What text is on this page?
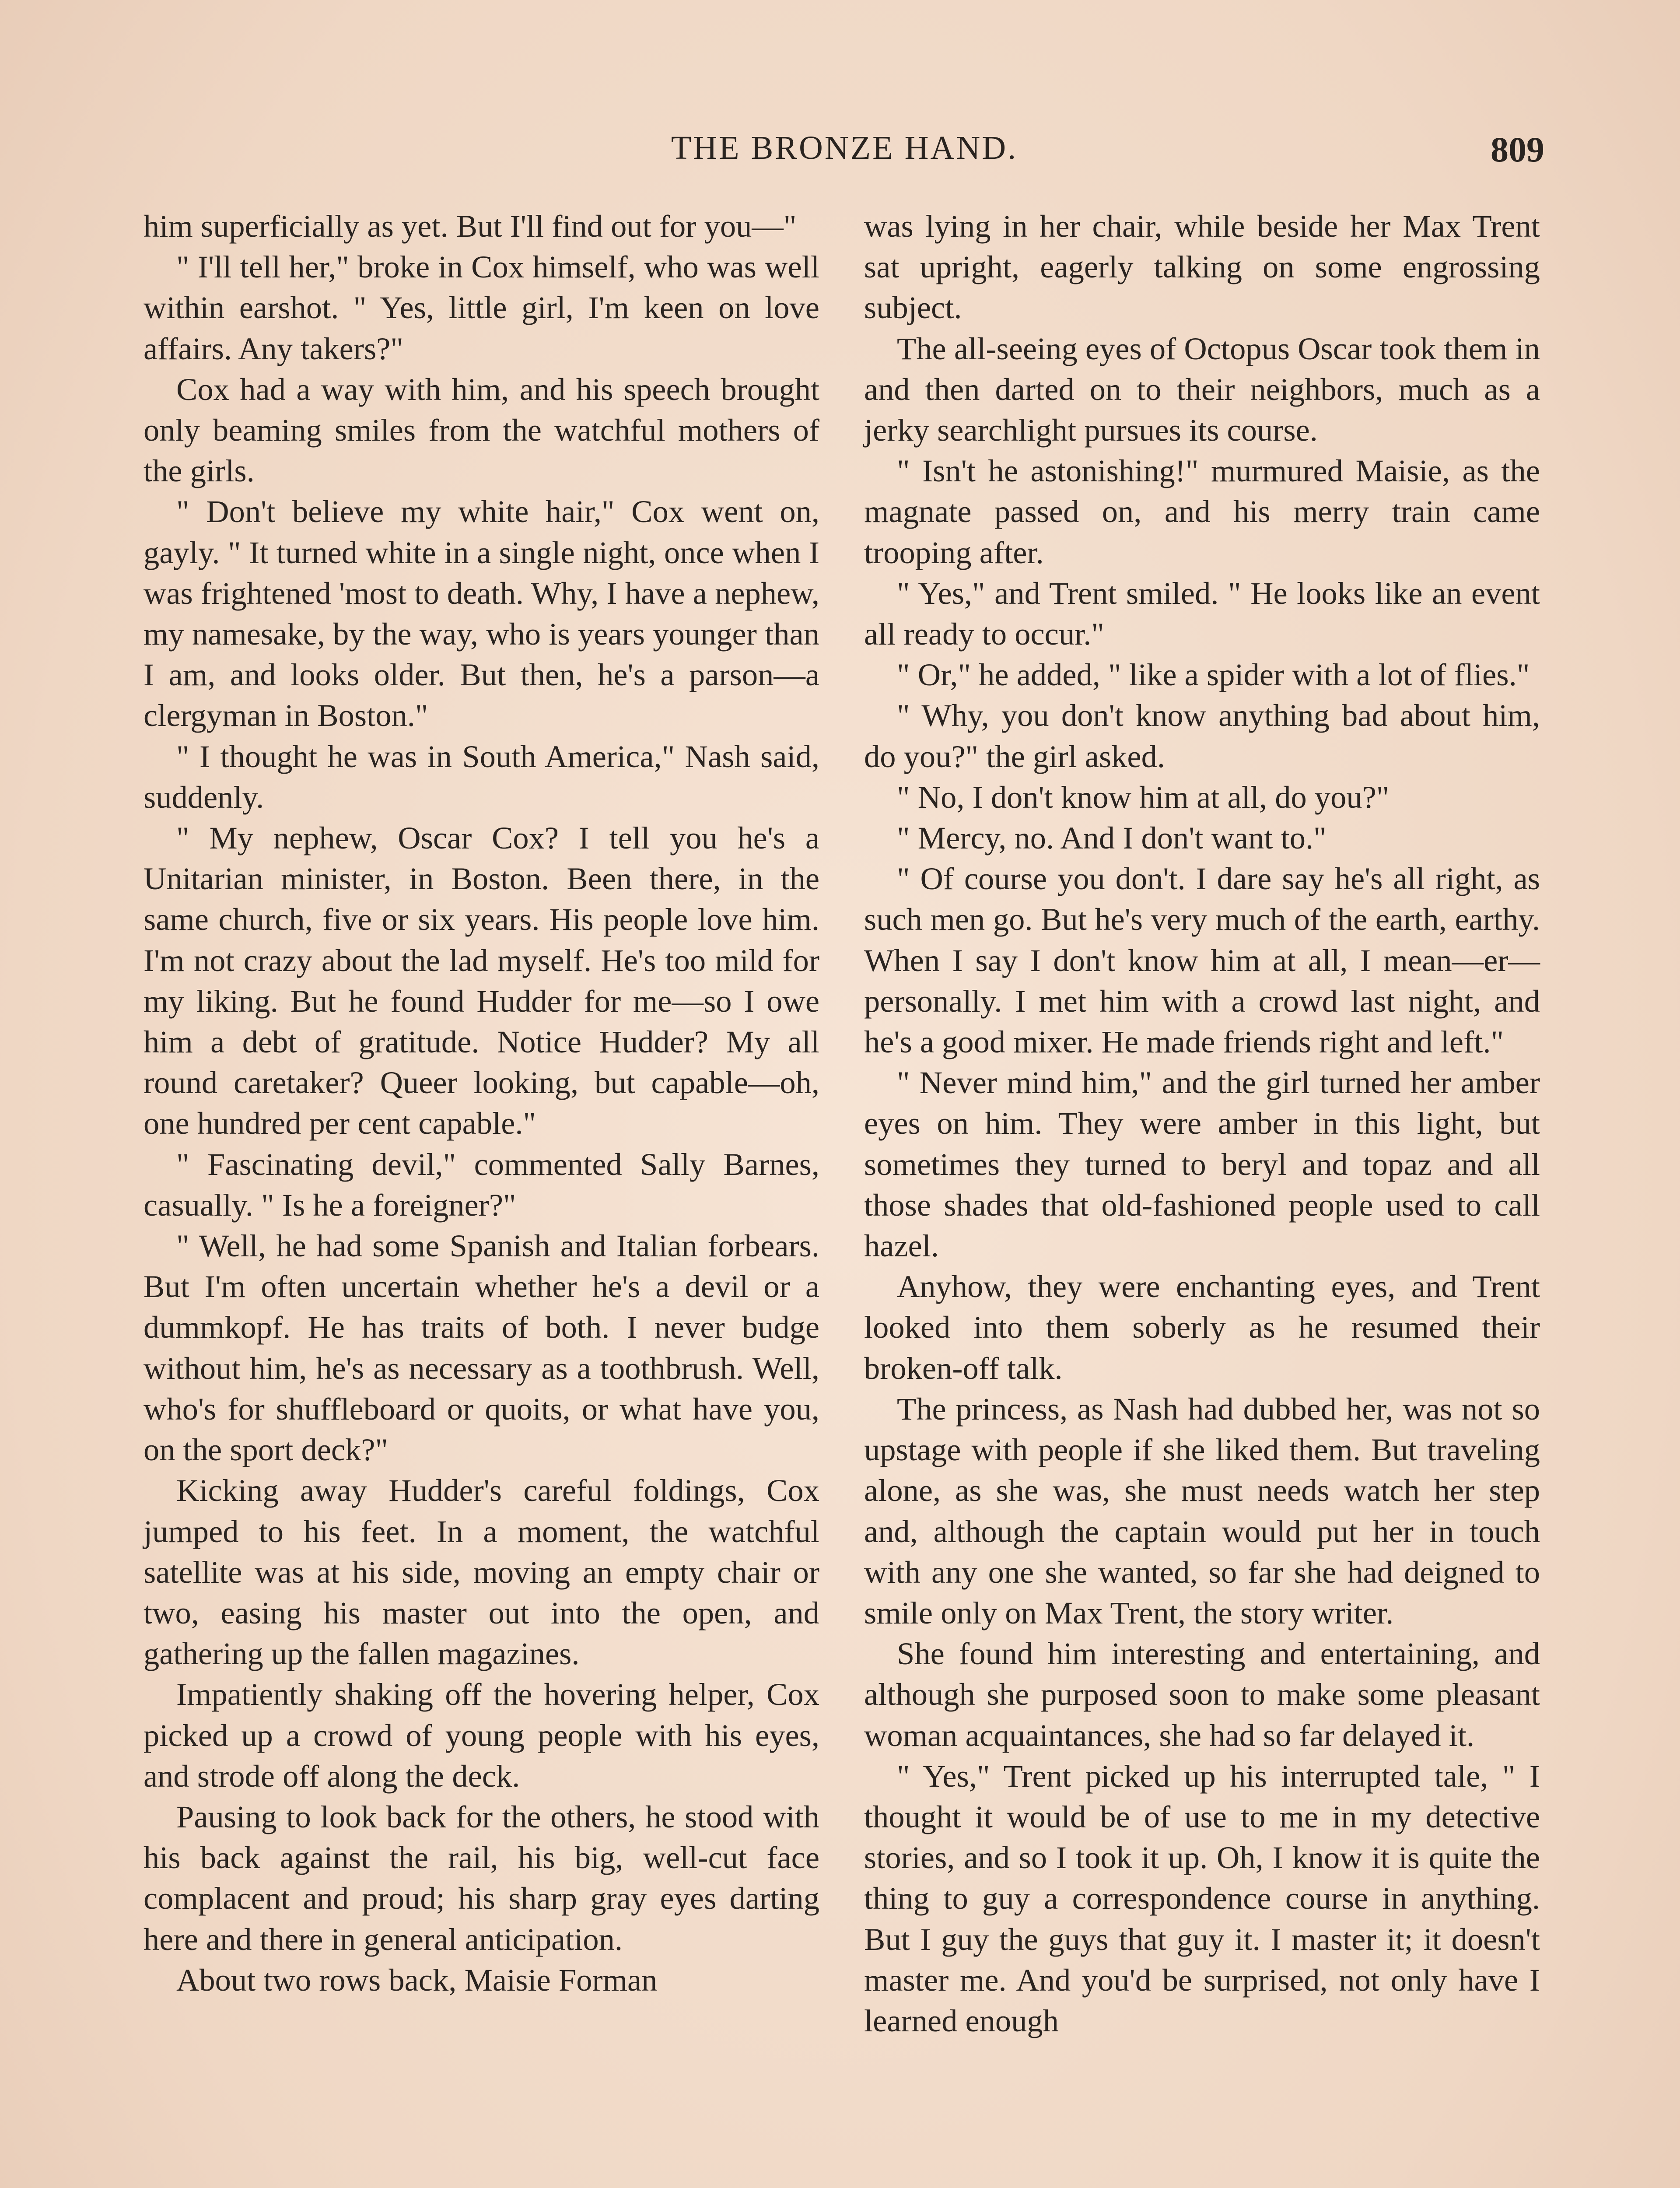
THE BRONZE HAND.	809

him superficially as yet. But I'll find out for you—"

" I'll tell her," broke in Cox himself, who was well within earshot. " Yes, little girl, I'm keen on love affairs. Any takers?"

Cox had a way with him, and his speech brought only beaming smiles from the watchful mothers of the girls.

" Don't believe my white hair," Cox went on, gayly. " It turned white in a single night, once when I was frightened 'most to death. Why, I have a nephew, my namesake, by the way, who is years younger than I am, and looks older. But then, he's a parson—a clergyman in Boston."

" I thought he was in South America," Nash said, suddenly.

" My nephew, Oscar Cox? I tell you he's a Unitarian minister, in Boston. Been there, in the same church, five or six years. His people love him. I'm not crazy about the lad myself. He's too mild for my liking. But he found Hudder for me—so I owe him a debt of gratitude. Notice Hudder? My all round caretaker? Queer looking, but capable—oh, one hundred per cent capable."

" Fascinating devil," commented Sally Barnes, casually. " Is he a foreigner?"

" Well, he had some Spanish and Italian forbears. But I'm often uncertain whether he's a devil or a dummkopf. He has traits of both. I never budge without him, he's as necessary as a toothbrush. Well, who's for shuffleboard or quoits, or what have you, on the sport deck?"

Kicking away Hudder's careful foldings, Cox jumped to his feet. In a moment, the watchful satellite was at his side, moving an empty chair or two, easing his master out into the open, and gathering up the fallen magazines.

Impatiently shaking off the hovering helper, Cox picked up a crowd of young people with his eyes, and strode off along the deck.

Pausing to look back for the others, he stood with his back against the rail, his big, well-cut face complacent and proud; his sharp gray eyes darting here and there in general anticipation.

About two rows back, Maisie Forman

was lying in her chair, while beside her Max Trent sat upright, eagerly talking on some engrossing subject.

The all-seeing eyes of Octopus Oscar took them in and then darted on to their neighbors, much as a jerky searchlight pursues its course.

" Isn't he astonishing!" murmured Maisie, as the magnate passed on, and his merry train came trooping after.

" Yes," and Trent smiled. " He looks like an event all ready to occur."

" Or," he added, " like a spider with a lot of flies."

" Why, you don't know anything bad about him, do you?" the girl asked.

" No, I don't know him at all, do you?"

" Mercy, no. And I don't want to."

" Of course you don't. I dare say he's all right, as such men go. But he's very much of the earth, earthy. When I say I don't know him at all, I mean—er—personally. I met him with a crowd last night, and he's a good mixer. He made friends right and left."

" Never mind him," and the girl turned her amber eyes on him. They were amber in this light, but sometimes they turned to beryl and topaz and all those shades that old-fashioned people used to call hazel.

Anyhow, they were enchanting eyes, and Trent looked into them soberly as he resumed their broken-off talk.

The princess, as Nash had dubbed her, was not so upstage with people if she liked them. But traveling alone, as she was, she must needs watch her step and, although the captain would put her in touch with any one she wanted, so far she had deigned to smile only on Max Trent, the story writer.

She found him interesting and entertaining, and although she purposed soon to make some pleasant woman acquaintances, she had so far delayed it.

" Yes," Trent picked up his interrupted tale, " I thought it would be of use to me in my detective stories, and so I took it up. Oh, I know it is quite the thing to guy a correspondence course in anything. But I guy the guys that guy it. I master it; it doesn't master me. And you'd be surprised, not only have I learned enough
